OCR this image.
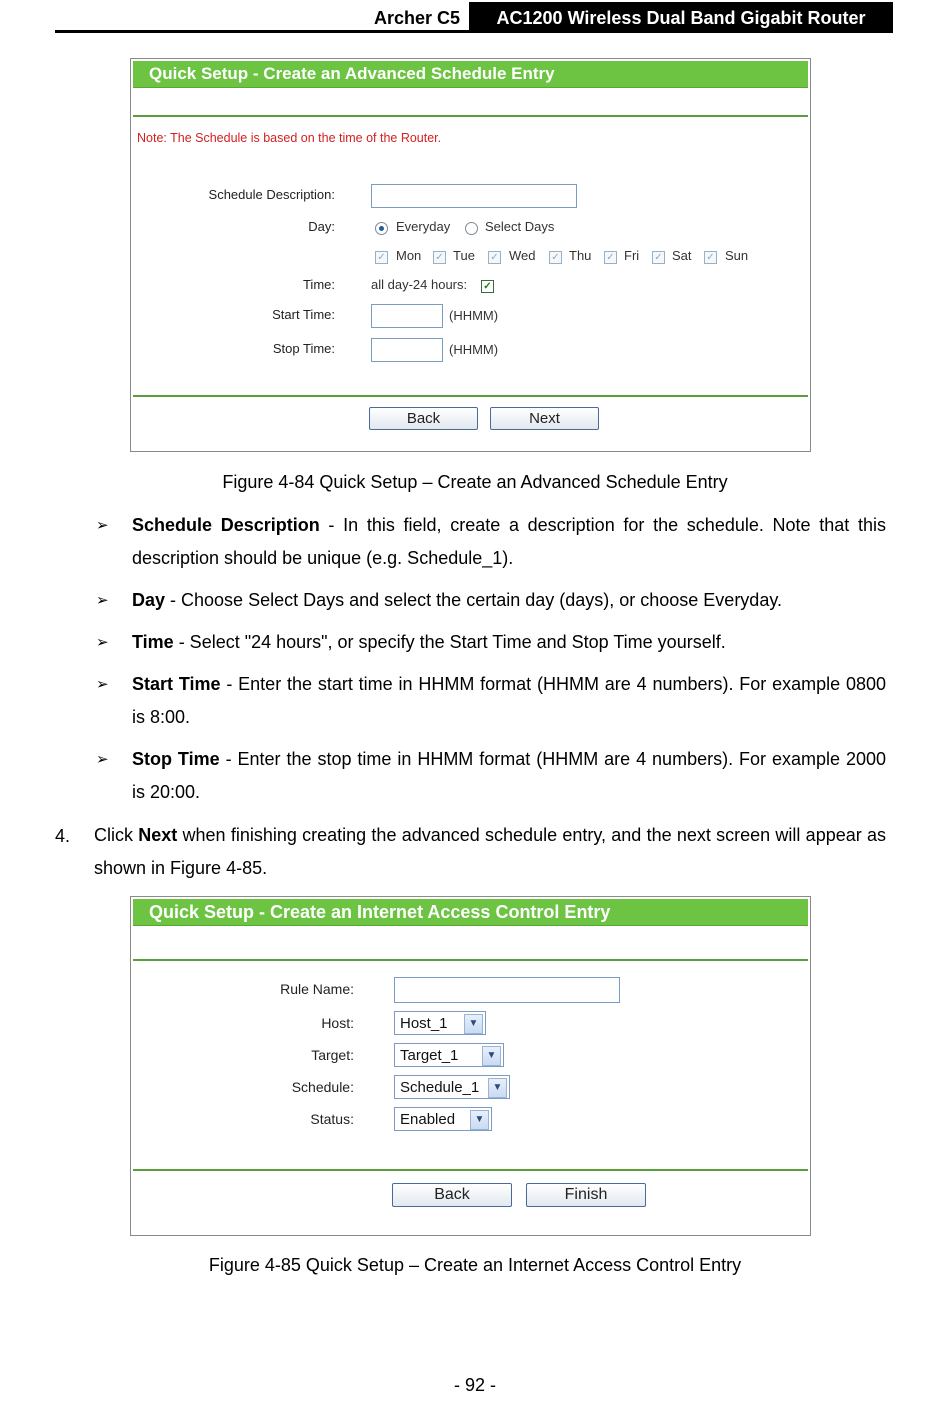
Archer C5	AC1200 Wireless Dual Band Gigabit Router
Quick Setup - Create an Advanced Schedule Entry
Note: The Schedule is based on the time of the Router.
Schedule Description:
Day:	Everyday	Select Days
✓ Mon ✓ Tue ✓ Wed ✓ Thu ✓ Fri ✓ Sat ✓ Sun
Time:	all day-24 hours: ✓
Start Time:	(HHMM)
Stop Time:	(HHMM)
Back	Next
Figure 4-84 Quick Setup – Create an Advanced Schedule Entry
➢ Schedule Description - In this field, create a description for the schedule. Note that this description should be unique (e.g. Schedule_1).
➢ Day - Choose Select Days and select the certain day (days), or choose Everyday.
➢ Time - Select "24 hours", or specify the Start Time and Stop Time yourself.
➢ Start Time - Enter the start time in HHMM format (HHMM are 4 numbers). For example 0800 is 8:00.
➢ Stop Time - Enter the stop time in HHMM format (HHMM are 4 numbers). For example 2000 is 20:00.
4. Click Next when finishing creating the advanced schedule entry, and the next screen will appear as shown in Figure 4-85.
Quick Setup - Create an Internet Access Control Entry
Rule Name:
Host:	Host_1	▼
Target:	Target_1	▼
Schedule:	Schedule_1	▼
Status:	Enabled	▼
Back	Finish
Figure 4-85 Quick Setup – Create an Internet Access Control Entry
- 92 -
